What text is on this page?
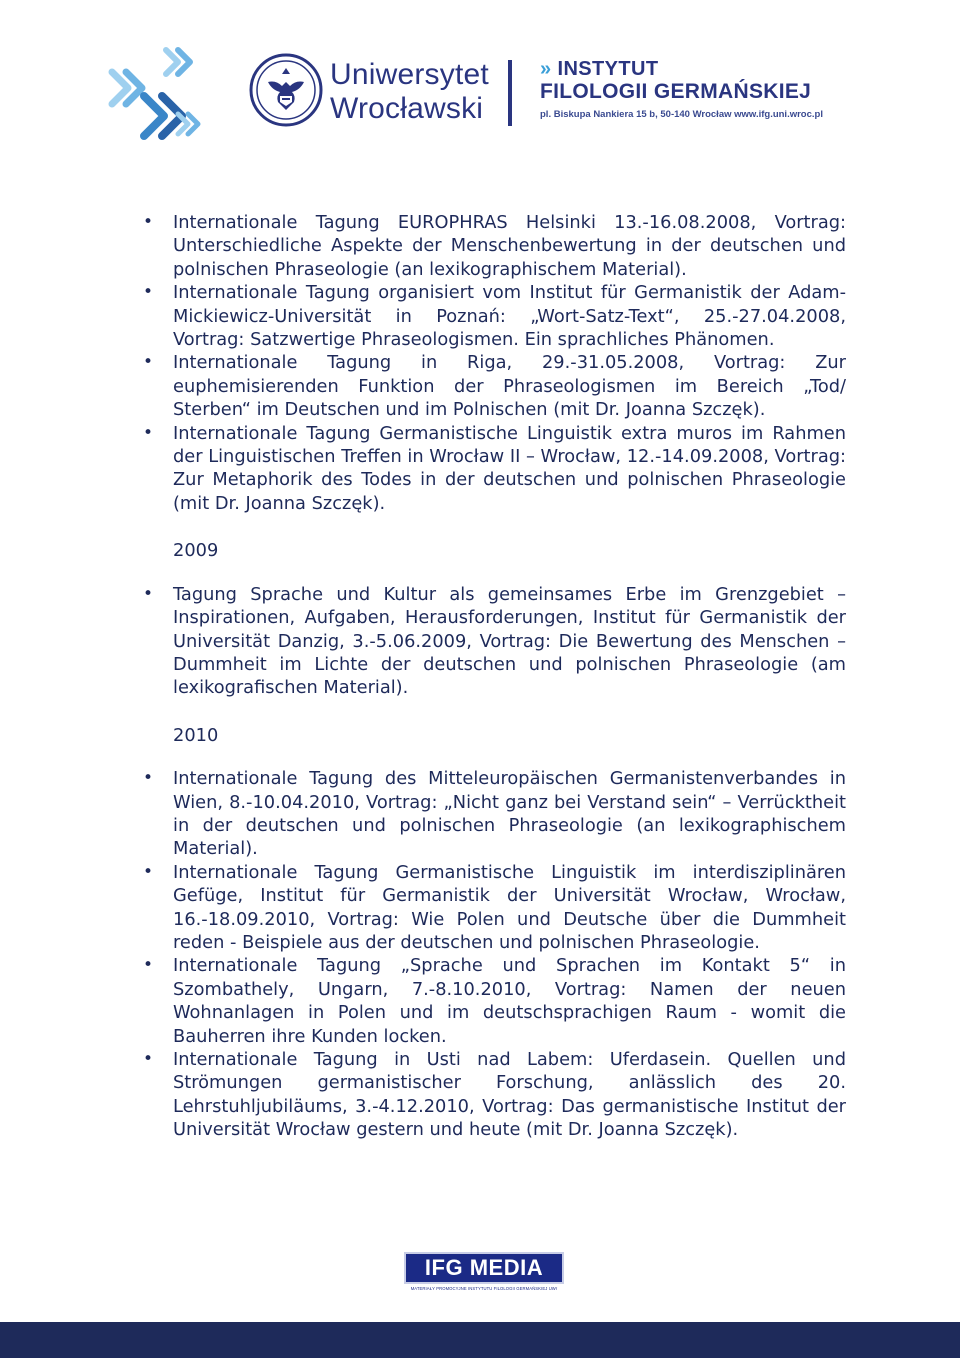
Uniwersytet
Wrocławski
» INSTYTUT
FILOLOGII GERMAŃSKIEJ
pl. Biskupa Nankiera 15 b, 50-140 Wrocław www.ifg.uni.wroc.pl
• Internationale Tagung EUROPHRAS Helsinki 13.-16.08.2008, Vortrag: Unterschiedliche Aspekte der Menschenbewertung in der deutschen und polnischen Phraseologie (an lexikographischem Material).
• Internationale Tagung organisiert vom Institut für Germanistik der Adam-Mickiewicz-Universität in Poznań: „Wort-Satz-Text“, 25.-27.04.2008, Vortrag: Satzwertige Phraseologismen. Ein sprachliches Phänomen.
• Internationale Tagung in Riga, 29.-31.05.2008, Vortrag: Zur euphemisierenden Funktion der Phraseologismen im Bereich „Tod/ Sterben“ im Deutschen und im Polnischen (mit Dr. Joanna Szczęk).
• Internationale Tagung Germanistische Linguistik extra muros im Rahmen der Linguistischen Treffen in Wrocław II – Wrocław, 12.-14.09.2008, Vortrag: Zur Metaphorik des Todes in der deutschen und polnischen Phraseologie (mit Dr. Joanna Szczęk).
2009
• Tagung Sprache und Kultur als gemeinsames Erbe im Grenzgebiet – Inspirationen, Aufgaben, Herausforderungen, Institut für Germanistik der Universität Danzig, 3.-5.06.2009, Vortrag: Die Bewertung des Menschen – Dummheit im Lichte der deutschen und polnischen Phraseologie (am lexikografischen Material).
2010
• Internationale Tagung des Mitteleuropäischen Germanistenverbandes in Wien, 8.-10.04.2010, Vortrag: „Nicht ganz bei Verstand sein“ – Verrücktheit in der deutschen und polnischen Phraseologie (an lexikographischem Material).
• Internationale Tagung Germanistische Linguistik im interdisziplinären Gefüge, Institut für Germanistik der Universität Wrocław, Wrocław, 16.-18.09.2010, Vortrag: Wie Polen und Deutsche über die Dummheit reden - Beispiele aus der deutschen und polnischen Phraseologie.
• Internationale Tagung „Sprache und Sprachen im Kontakt 5“ in Szombathely, Ungarn, 7.-8.10.2010, Vortrag: Namen der neuen Wohnanlagen in Polen und im deutschsprachigen Raum - womit die Bauherren ihre Kunden locken.
• Internationale Tagung in Usti nad Labem: Uferdasein. Quellen und Strömungen germanistischer Forschung, anlässlich des 20. Lehrstuhljubiläums, 3.-4.12.2010, Vortrag: Das germanistische Institut der Universität Wrocław gestern und heute (mit Dr. Joanna Szczęk).
IFG MEDIA
MATERIAŁY PROMOCYJNE INSTYTUTU FILOLOGII GERMAŃSKIEJ UWr
